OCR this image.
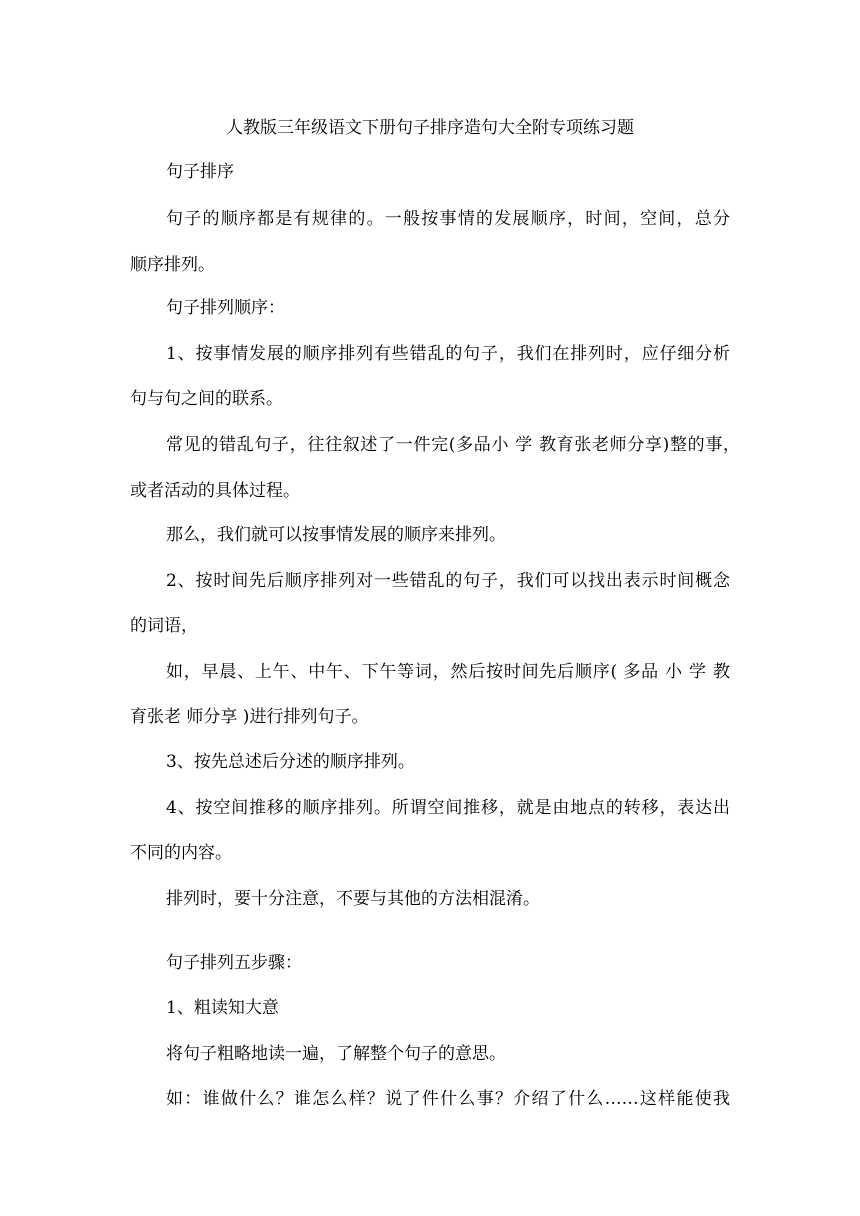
人教版三年级语文下册句子排序造句大全附专项练习题
句子排序
句子的顺序都是有规律的。一般按事情的发展顺序，时间，空间，总分
顺序排列。
句子排列顺序：
1、按事情发展的顺序排列有些错乱的句子，我们在排列时，应仔细分析
句与句之间的联系。
常见的错乱句子，往往叙述了一件完(多品小 学 教育张老师分享)整的事，
或者活动的具体过程。
那么，我们就可以按事情发展的顺序来排列。
2、按时间先后顺序排列对一些错乱的句子，我们可以找出表示时间概念
的词语，
如，早晨、上午、中午、下午等词，然后按时间先后顺序( 多品 小 学 教
育张老 师分享 )进行排列句子。
3、按先总述后分述的顺序排列。
4、按空间推移的顺序排列。所谓空间推移，就是由地点的转移，表达出
不同的内容。
排列时，要十分注意，不要与其他的方法相混淆。
句子排列五步骤：
1、粗读知大意
将句子粗略地读一遍，了解整个句子的意思。
如：谁做什么？谁怎么样？说了件什么事？介绍了什么……这样能使我
